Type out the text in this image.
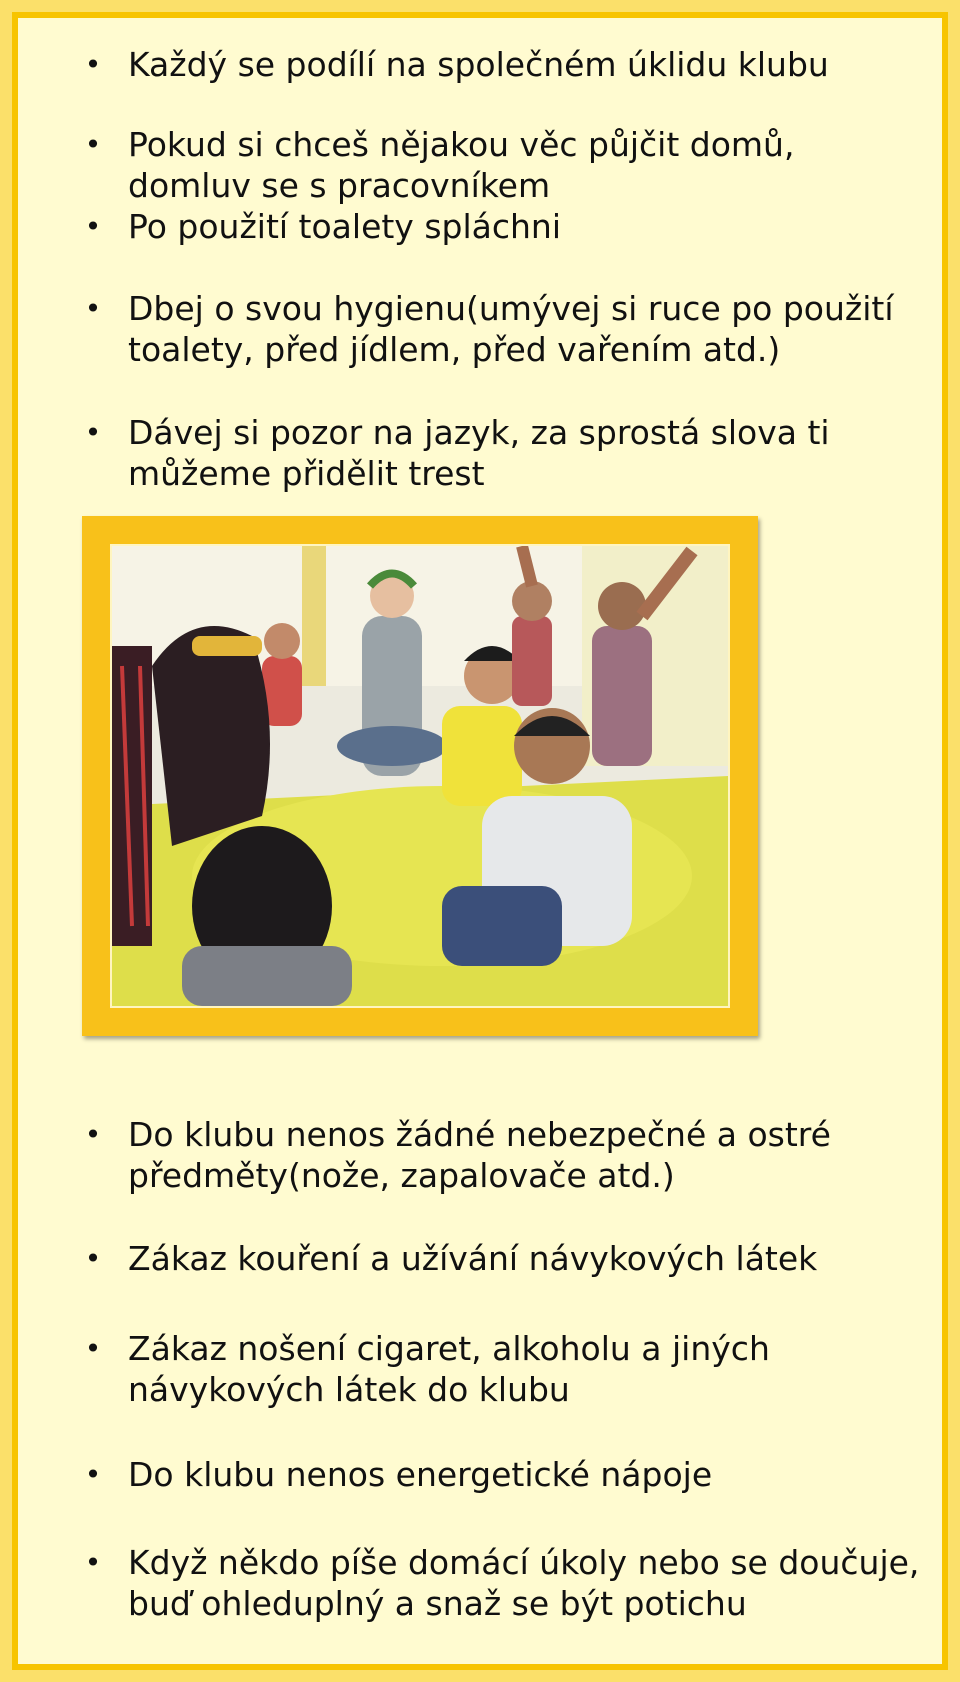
• Každý se podílí na společném úklidu klubu
• Pokud si chceš nějakou věc půjčit domů, domluv se s pracovníkem
• Po použití toalety spláchni
• Dbej o svou hygienu(umývej si ruce po použití toalety, před jídlem, před vařením atd.)
• Dávej si pozor na jazyk, za sprostá slova ti můžeme přidělit trest
• Do klubu nenos žádné nebezpečné a ostré předměty(nože, zapalovače atd.)
• Zákaz kouření a užívání návykových látek
• Zákaz nošení cigaret, alkoholu a jiných návykových látek do klubu
• Do klubu nenos energetické nápoje
• Když někdo píše domácí úkoly nebo se doučuje, buď ohleduplný a snaž se být potichu
